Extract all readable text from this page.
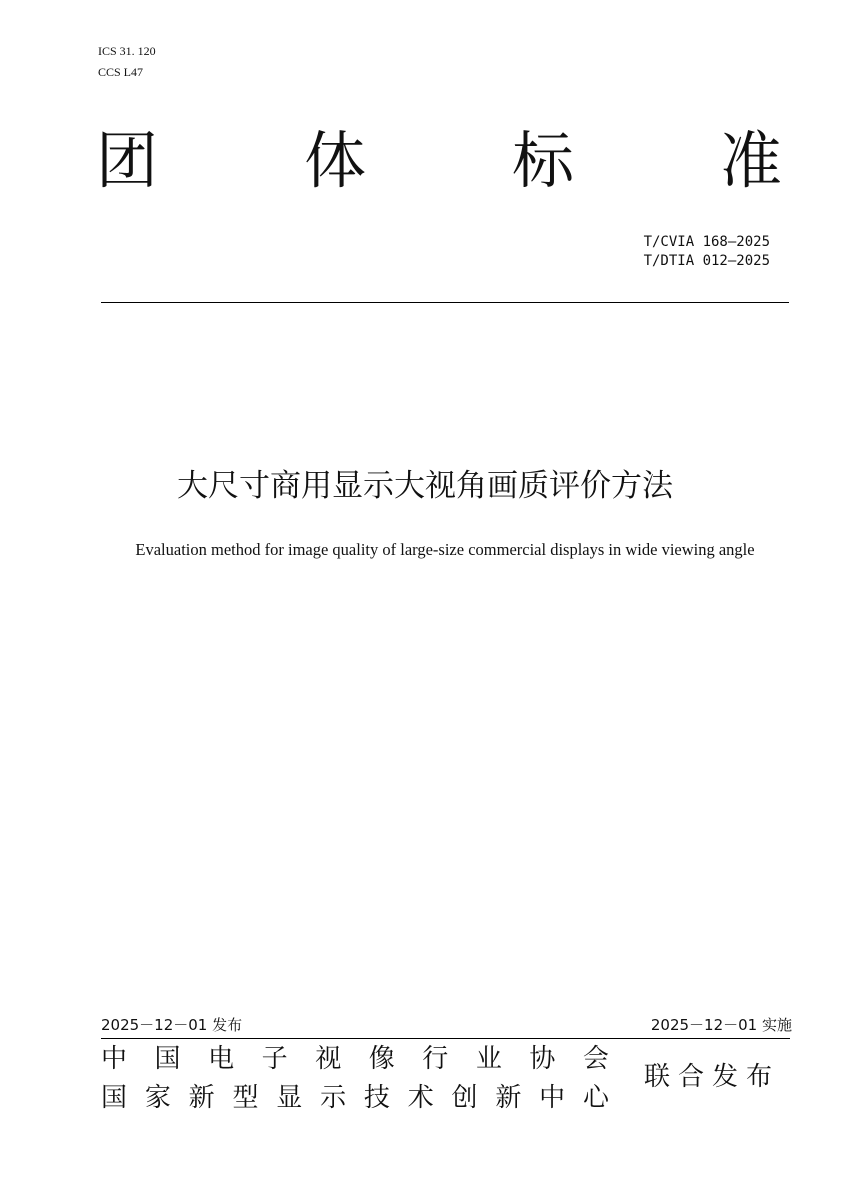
ICS 31. 120
CCS L47
团 体 标 准
T/CVIA 168—2025
T/DTIA 012—2025
大尺寸商用显示大视角画质评价方法
Evaluation method for image quality of large-size commercial displays in wide viewing angle
2025－12－01 发布	2025－12－01 实施
中 国 电 子 视 像 行 业 协 会
国 家 新 型 显 示 技 术 创 新 中 心
联合发布
